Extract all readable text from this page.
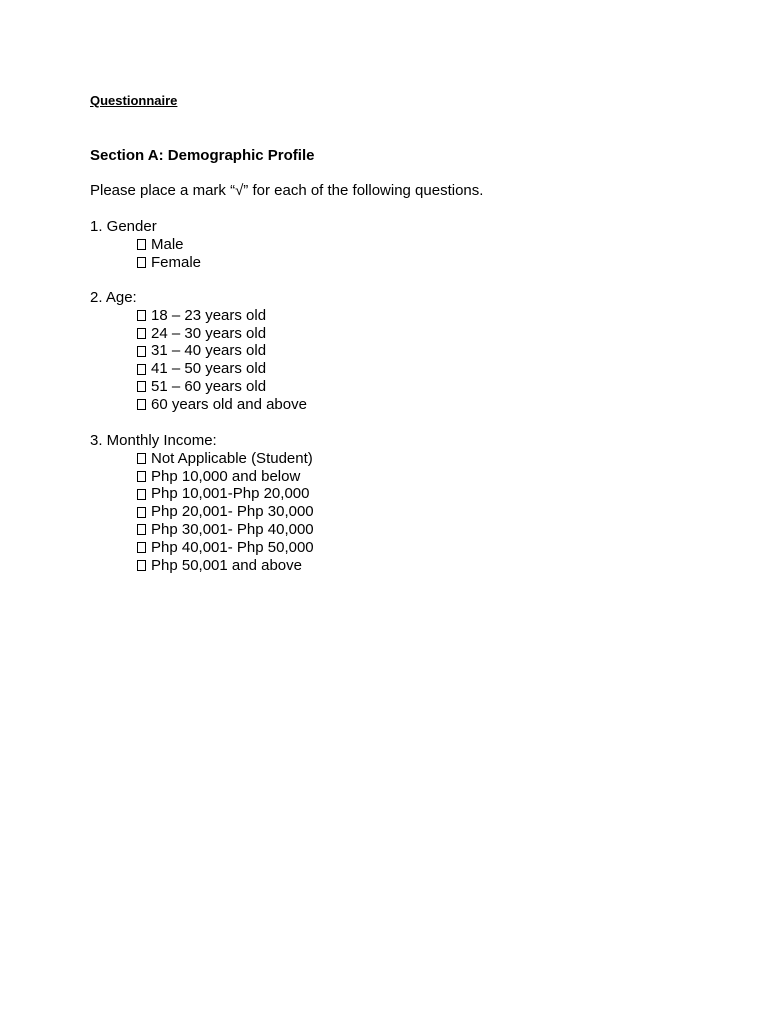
Questionnaire
Section A: Demographic Profile
Please place a mark “√” for each of the following questions.
1. Gender
Male
Female
2. Age:
18 – 23 years old
24 – 30 years old
31 – 40 years old
41 – 50 years old
51 – 60 years old
60 years old and above
3. Monthly Income:
Not Applicable (Student)
Php 10,000 and below
Php 10,001-Php 20,000
Php 20,001- Php 30,000
Php 30,001- Php 40,000
Php 40,001- Php 50,000
Php 50,001 and above
